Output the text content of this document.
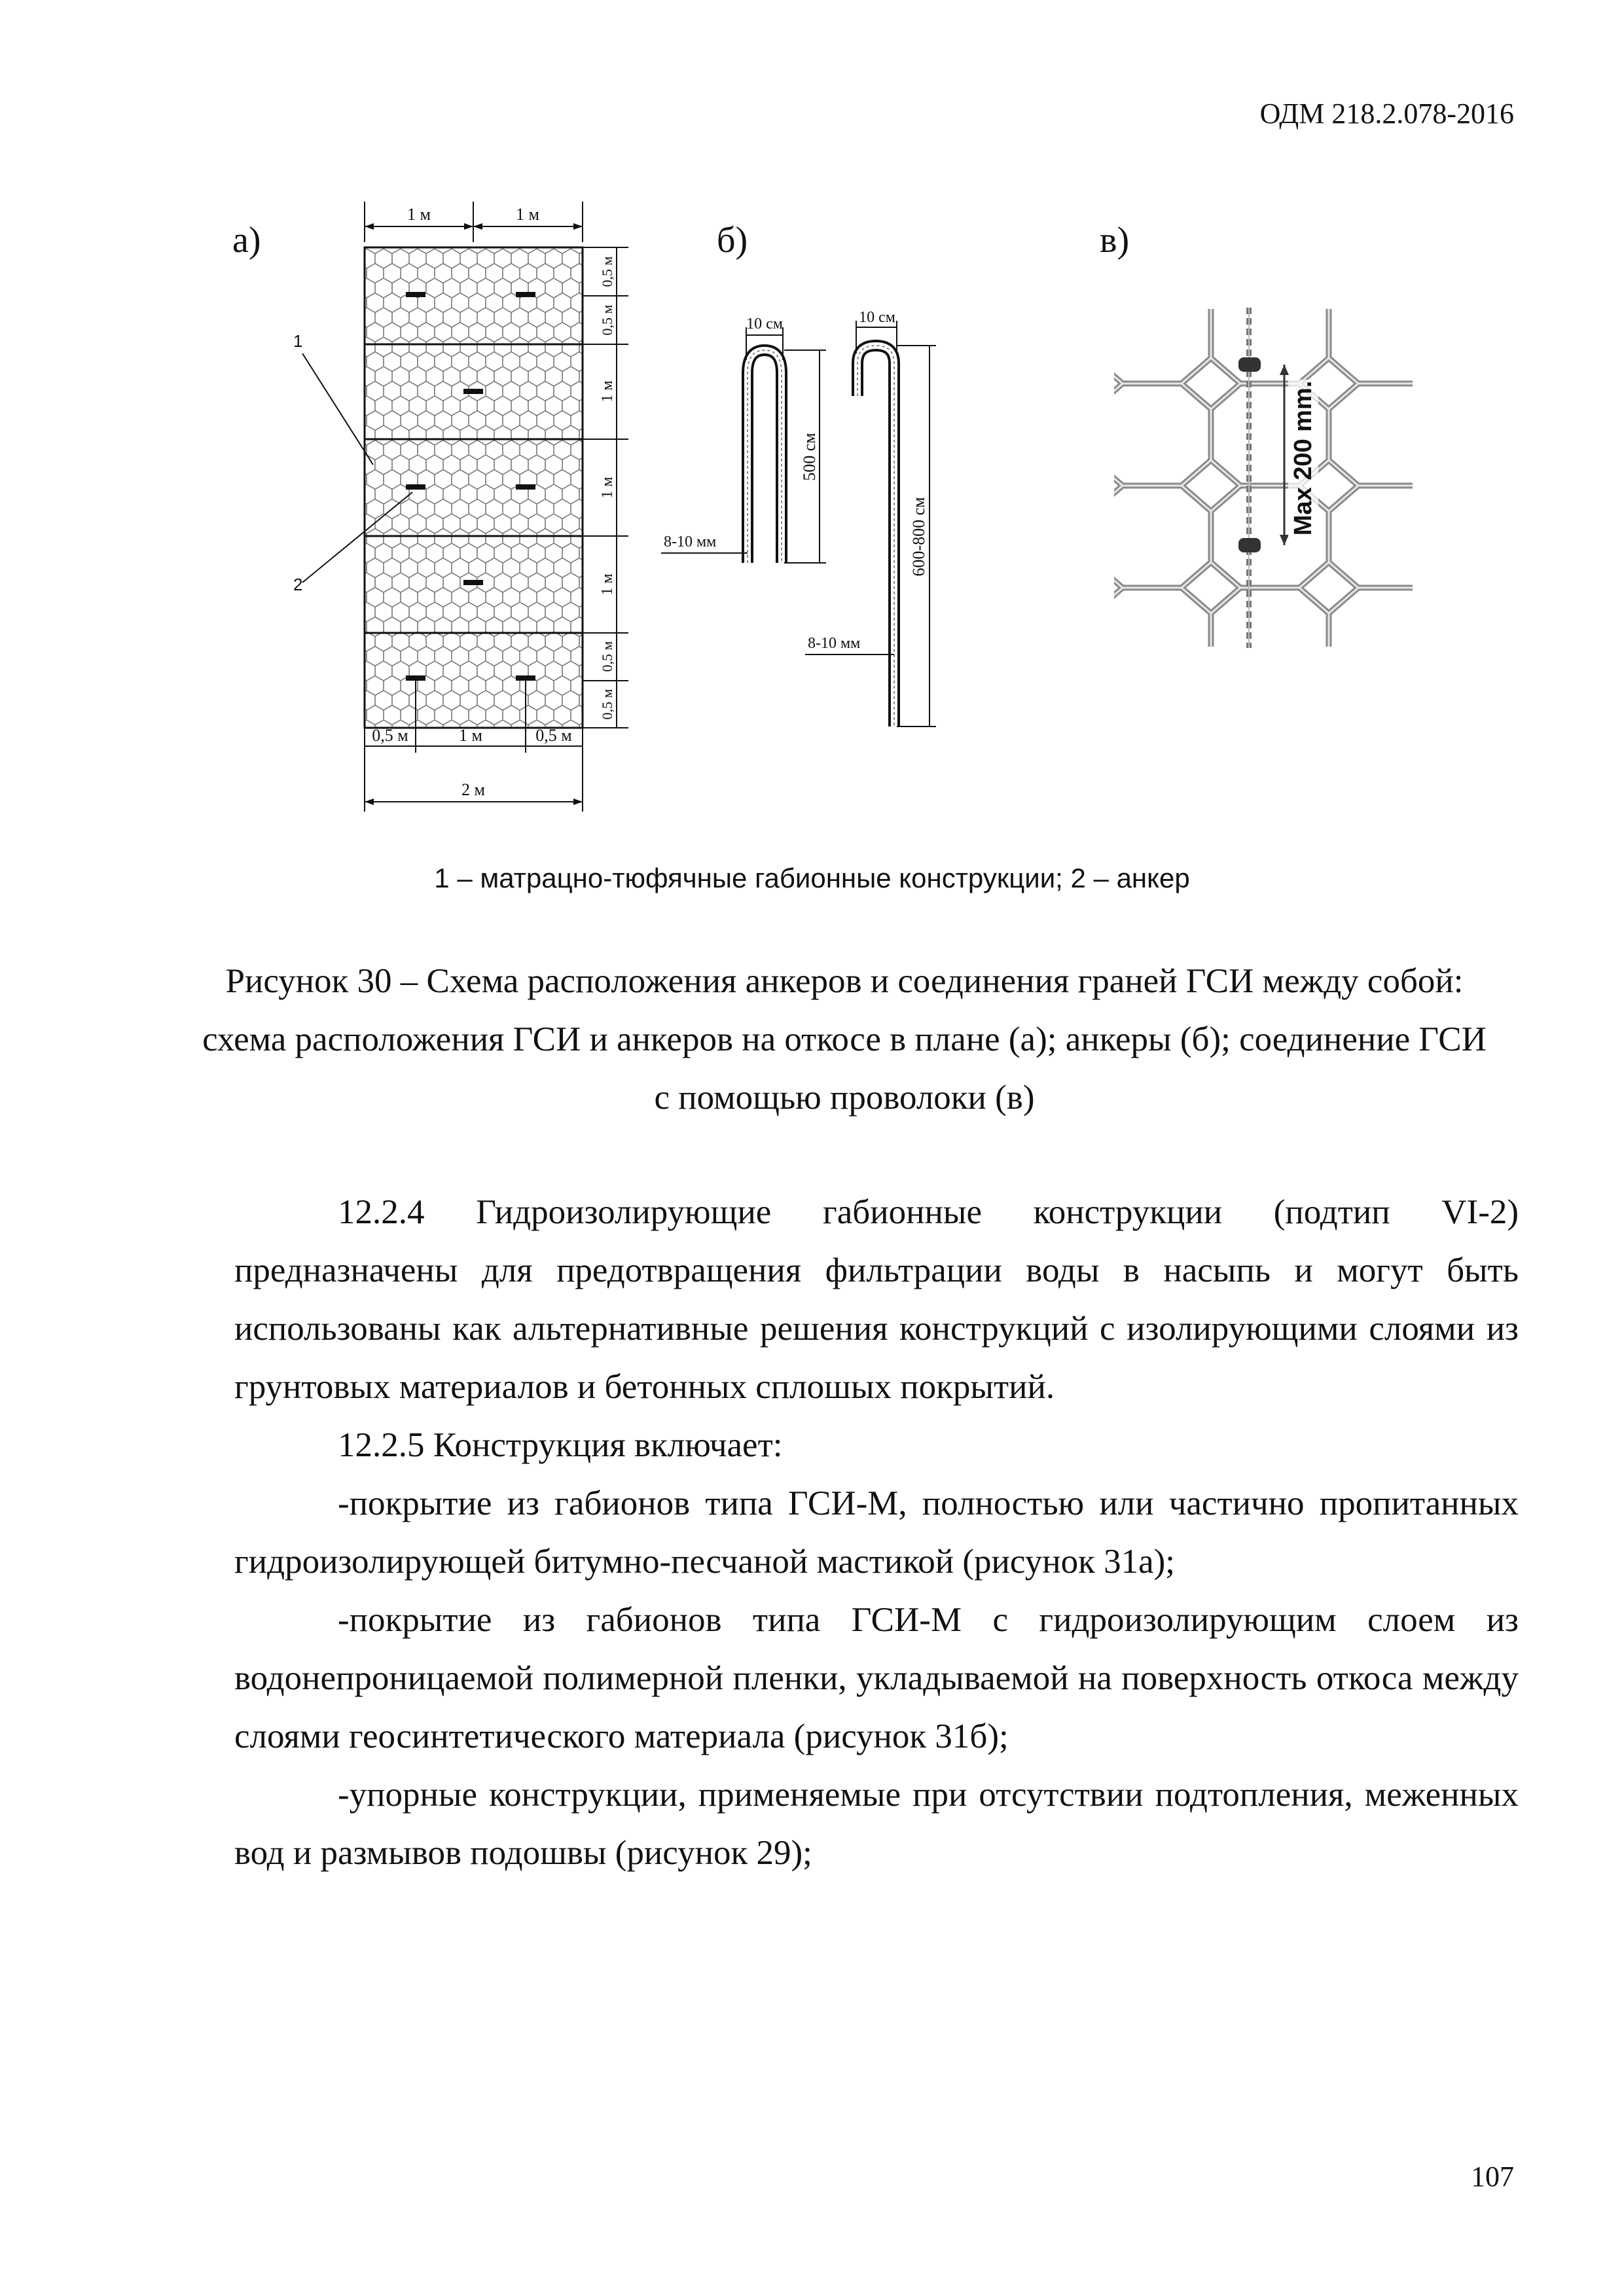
ОДМ 218.2.078-2016
а)	б)	в)
1 м	1 м
0,5 м
0,5 м
1 м
1 м
1 м
0,5 м
0,5 м
0,5 м	1 м	0,5 м
2 м
1
2
10 см
500 см
8-10 мм
10 см
600-800 см
8-10 мм
Max 200 mm.
1 – матрацно-тюфячные габионные конструкции; 2 – анкер
Рисунок 30 – Схема расположения анкеров и соединения граней ГСИ между собой: схема расположения ГСИ и анкеров на откосе в плане (а); анкеры (б); соединение ГСИ с помощью проволоки (в)

12.2.4 Гидроизолирующие габионные конструкции (подтип VI-2) предназначены для предотвращения фильтрации воды в насыпь и могут быть использованы как альтернативные решения конструкций с изолирующими слоями из грунтовых материалов и бетонных сплошых покрытий.

12.2.5 Конструкция включает:

-покрытие из габионов типа ГСИ-М, полностью или частично пропитанных гидроизолирующей битумно-песчаной мастикой (рисунок 31а);

-покрытие из габионов типа ГСИ-М с гидроизолирующим слоем из водонепроницаемой полимерной пленки, укладываемой на поверхность откоса между слоями геосинтетического материала (рисунок 31б);

-упорные конструкции, применяемые при отсутствии подтопления, меженных вод и размывов подошвы (рисунок 29);

107
